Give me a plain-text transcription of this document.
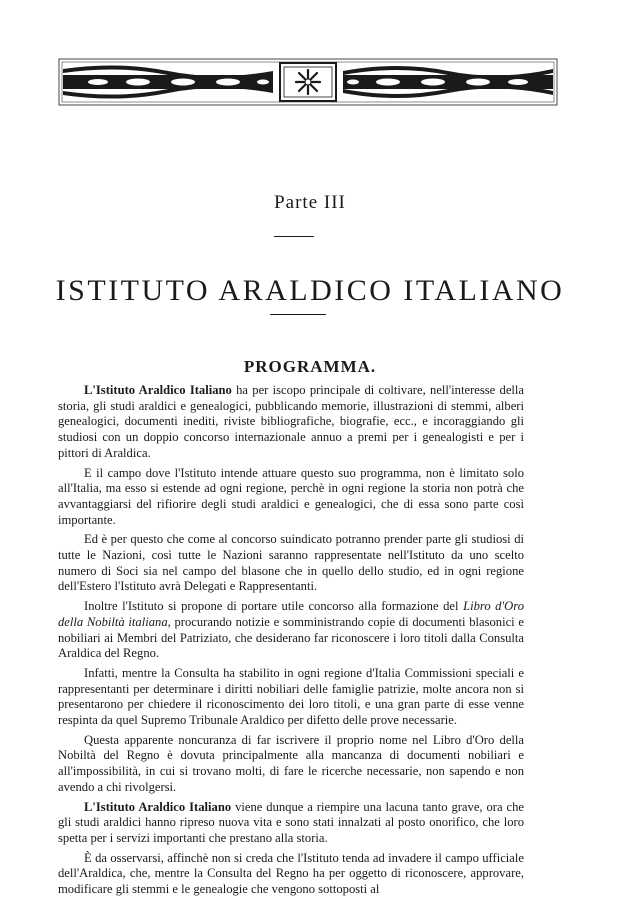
Parte III
ISTITUTO ARALDICO ITALIANO
PROGRAMMA.

L'Istituto Araldico Italiano ha per iscopo principale di coltivare, nell'interesse della storia, gli studi araldici e genealogici, pubblicando memorie, illustrazioni di stemmi, alberi genealogici, documenti inediti, riviste bibliografiche, biografie, ecc., e incoraggiando gli studiosi con un doppio concorso internazionale annuo a premi per i genealogisti e per i pittori di Araldica.

E il campo dove l'Istituto intende attuare questo suo programma, non è limitato solo all'Italia, ma esso si estende ad ogni regione, perchè in ogni regione la storia non potrà che avvantaggiarsi del rifiorire degli studi araldici e genealogici, che di essa sono parte così importante.

Ed è per questo che come al concorso suindicato potranno prender parte gli studiosi di tutte le Nazioni, così tutte le Nazioni saranno rappresentate nell'Istituto da uno scelto numero di Soci sia nel campo del blasone che in quello dello studio, ed in ogni regione dell'Estero l'Istituto avrà Delegati e Rappresentanti.

Inoltre l'Istituto si propone di portare utile concorso alla formazione del Libro d'Oro della Nobiltà italiana, procurando notizie e somministrando copie di documenti blasonici e nobiliari ai Membri del Patriziato, che desiderano far riconoscere i loro titoli dalla Consulta Araldica del Regno.

Infatti, mentre la Consulta ha stabilito in ogni regione d'Italia Commissioni speciali e rappresentanti per determinare i diritti nobiliari delle famiglie patrizie, molte ancora non si presentarono per chiedere il riconoscimento dei loro titoli, e una gran parte di esse venne respinta da quel Supremo Tribunale Araldico per difetto delle prove necessarie.

Questa apparente noncuranza di far iscrivere il proprio nome nel Libro d'Oro della Nobiltà del Regno è dovuta principalmente alla mancanza di documenti nobiliari e all'impossibilità, in cui si trovano molti, di fare le ricerche necessarie, non sapendo e non avendo a chi rivolgersi.

L'Istituto Araldico Italiano viene dunque a riempire una lacuna tanto grave, ora che gli studi araldici hanno ripreso nuova vita e sono stati innalzati al posto onorifico, che loro spetta per i servizi importanti che prestano alla storia.

È da osservarsi, affinchè non si creda che l'Istituto tenda ad invadere il campo ufficiale dell'Araldica, che, mentre la Consulta del Regno ha per oggetto di riconoscere, approvare, modificare gli stemmi e le genealogie che vengono sottoposti al
